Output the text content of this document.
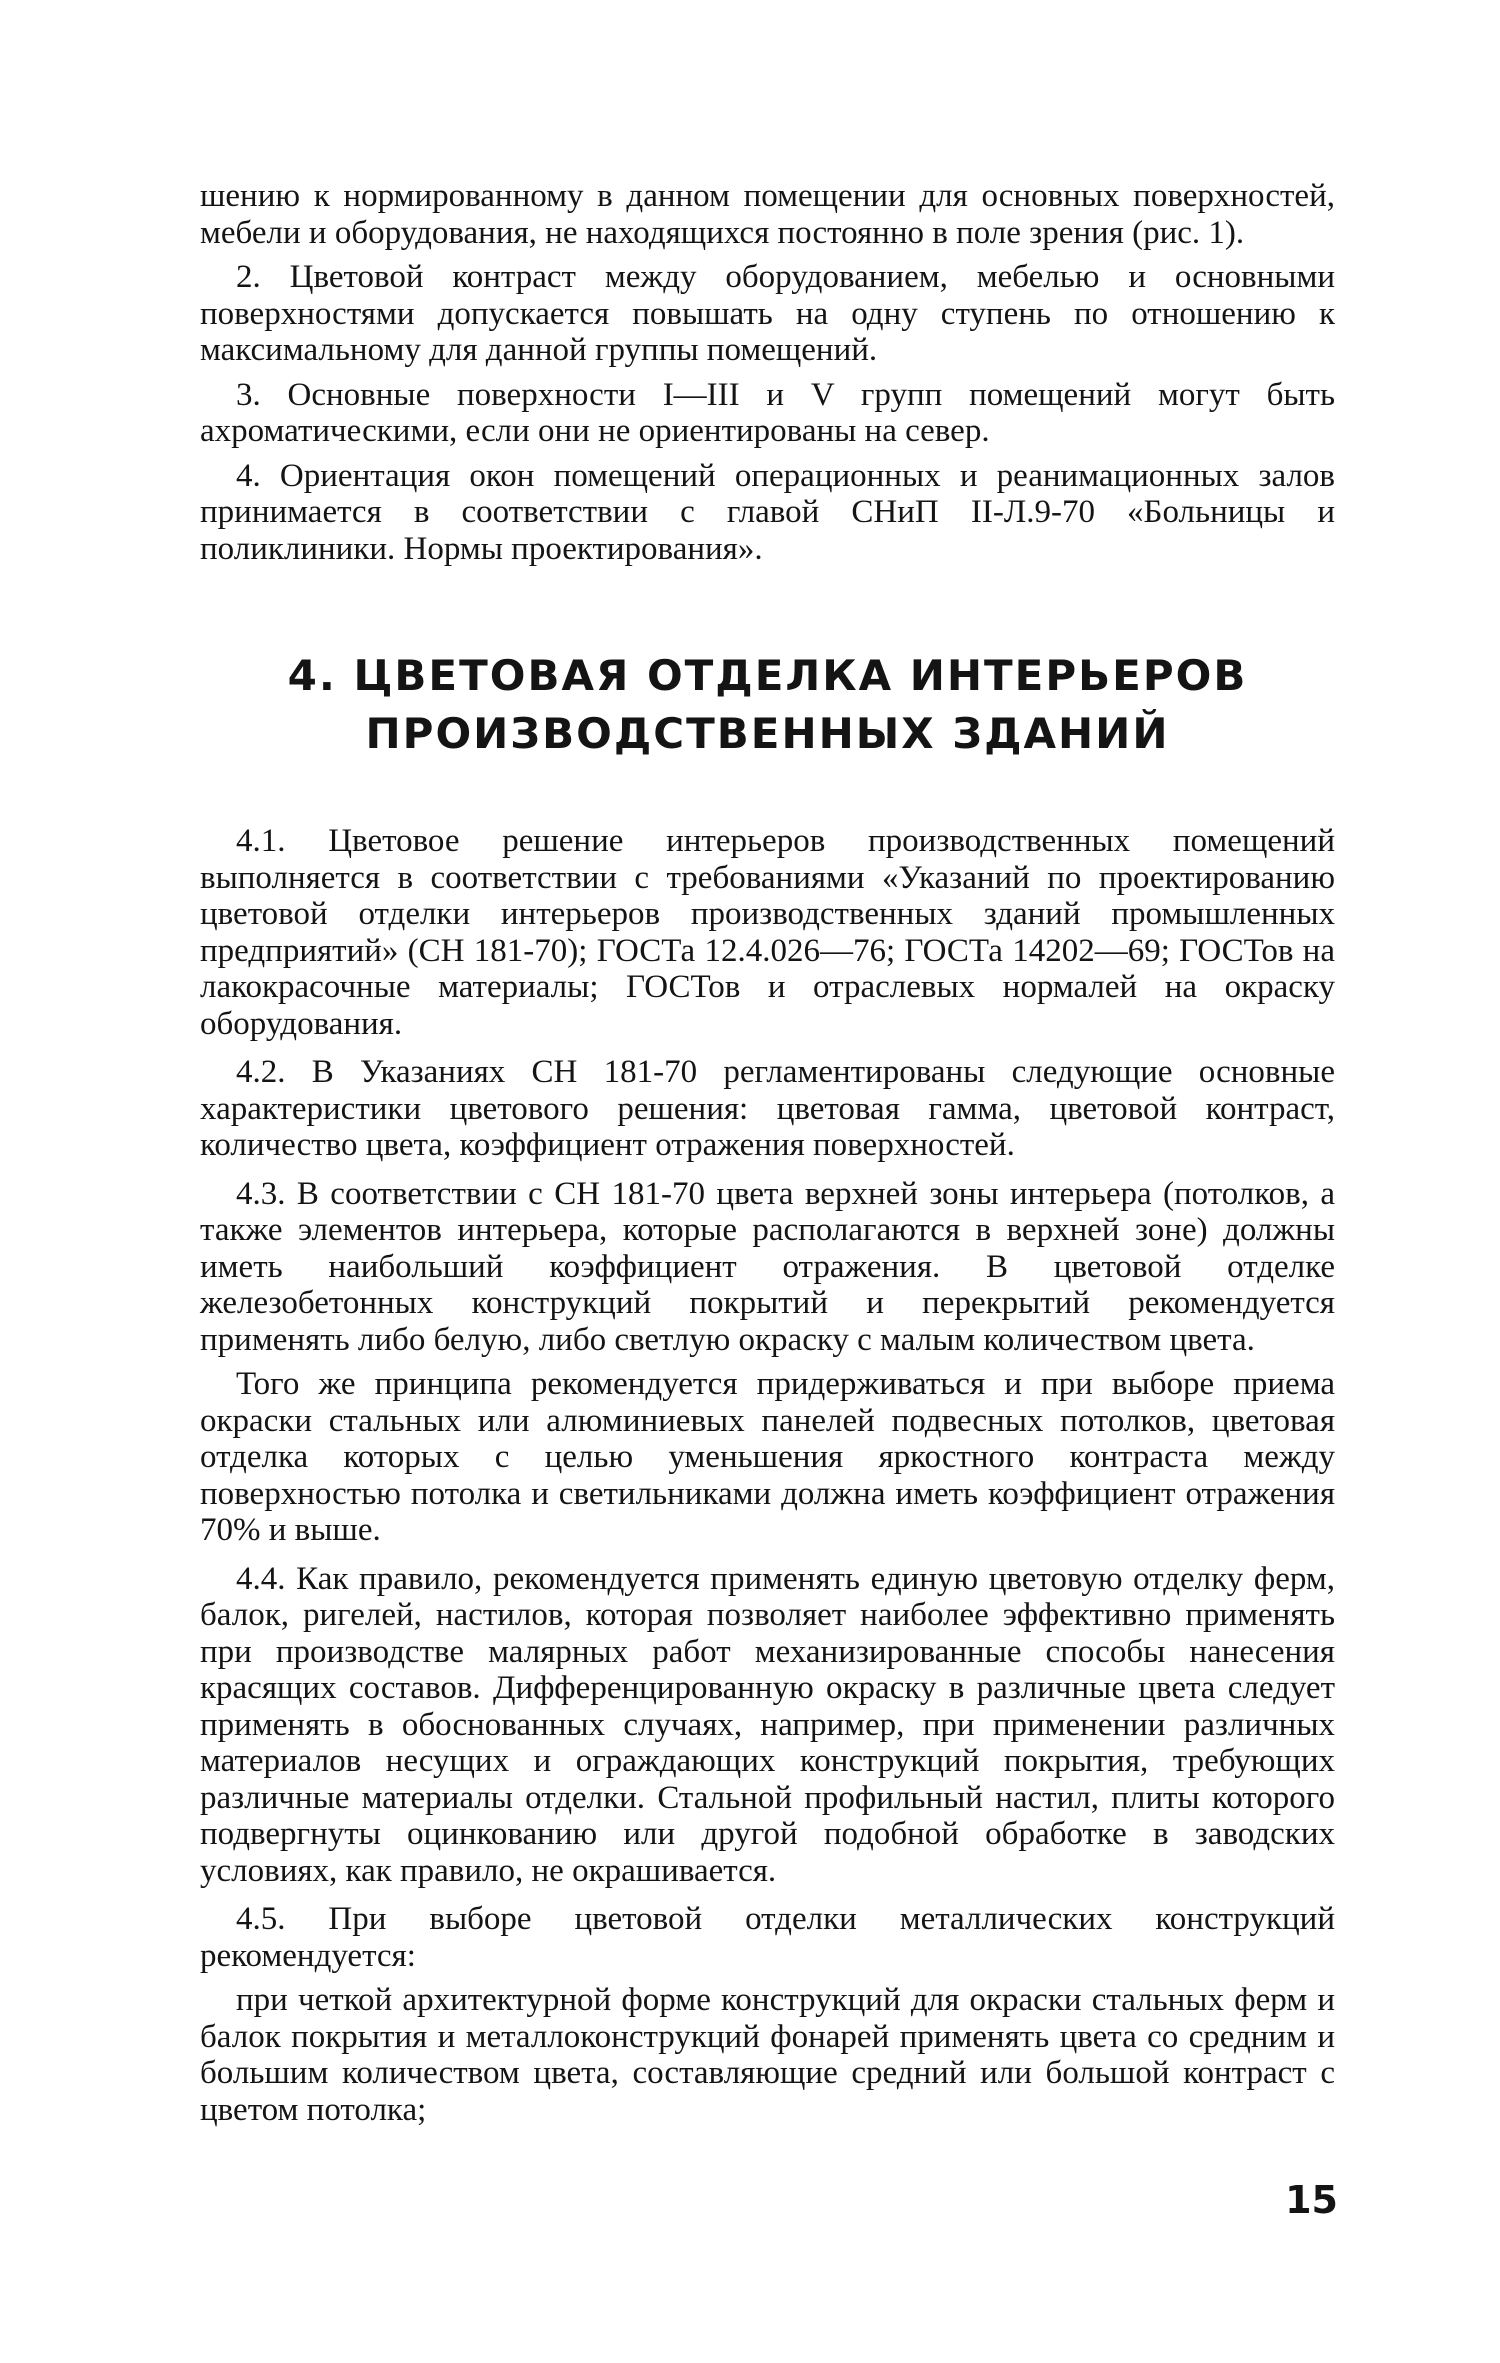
шению к нормированному в данном помещении для основных поверхностей, мебели и оборудования, не находящихся постоянно в поле зрения (рис. 1).

2. Цветовой контраст между оборудованием, мебелью и основными поверхностями допускается повышать на одну ступень по отношению к максимальному для данной группы помещений.

3. Основные поверхности I—III и V групп помещений могут быть ахроматическими, если они не ориентированы на север.

4. Ориентация окон помещений операционных и реанимационных залов принимается в соответствии с главой СНиП II-Л.9-70 «Больницы и поликлиники. Нормы проектирования».

4. ЦВЕТОВАЯ ОТДЕЛКА ИНТЕРЬЕРОВ
ПРОИЗВОДСТВЕННЫХ ЗДАНИЙ

4.1. Цветовое решение интерьеров производственных помещений выполняется в соответствии с требованиями «Указаний по проектированию цветовой отделки интерьеров производственных зданий промышленных предприятий» (СН 181-70); ГОСТа 12.4.026—76; ГОСТа 14202—69; ГОСТов на лакокрасочные материалы; ГОСТов и отраслевых нормалей на окраску оборудования.

4.2. В Указаниях СН 181-70 регламентированы следующие основные характеристики цветового решения: цветовая гамма, цветовой контраст, количество цвета, коэффициент отражения поверхностей.

4.3. В соответствии с СН 181-70 цвета верхней зоны интерьера (потолков, а также элементов интерьера, которые располагаются в верхней зоне) должны иметь наибольший коэффициент отражения. В цветовой отделке железобетонных конструкций покрытий и перекрытий рекомендуется применять либо белую, либо светлую окраску с малым количеством цвета.

Того же принципа рекомендуется придерживаться и при выборе приема окраски стальных или алюминиевых панелей подвесных потолков, цветовая отделка которых с целью уменьшения яркостного контраста между поверхностью потолка и светильниками должна иметь коэффициент отражения 70% и выше.

4.4. Как правило, рекомендуется применять единую цветовую отделку ферм, балок, ригелей, настилов, которая позволяет наиболее эффективно применять при производстве малярных работ механизированные способы нанесения красящих составов. Дифференцированную окраску в различные цвета следует применять в обоснованных случаях, например, при применении различных материалов несущих и ограждающих конструкций покрытия, требующих различные материалы отделки. Стальной профильный настил, плиты которого подвергнуты оцинкованию или другой подобной обработке в заводских условиях, как правило, не окрашивается.

4.5. При выборе цветовой отделки металлических конструкций рекомендуется:

при четкой архитектурной форме конструкций для окраски стальных ферм и балок покрытия и металлоконструкций фонарей применять цвета со средним и большим количеством цвета, составляющие средний или большой контраст с цветом потолка;

15
